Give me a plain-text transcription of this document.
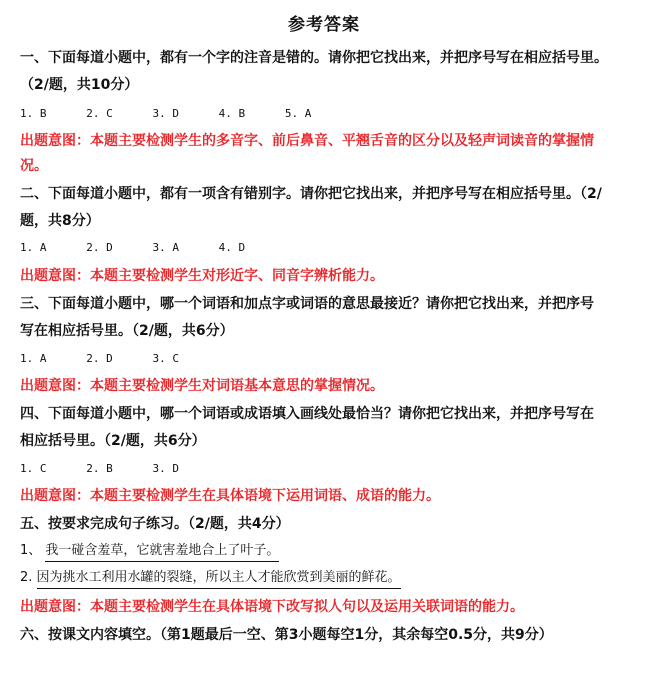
参考答案
一、下面每道小题中，都有一个字的注音是错的。请你把它找出来，并把序号写在相应括号里。
（2/题，共10分）
1. B      2. C      3. D      4. B      5. A
出题意图：本题主要检测学生的多音字、前后鼻音、平翘舌音的区分以及轻声词读音的掌握情
况。
二、下面每道小题中，都有一项含有错别字。请你把它找出来，并把序号写在相应括号里。（2/
题，共8分）
1. A      2. D      3. A      4. D
出题意图：本题主要检测学生对形近字、同音字辨析能力。
三、下面每道小题中，哪一个词语和加点字或词语的意思最接近？请你把它找出来，并把序号
写在相应括号里。（2/题，共6分）
1. A      2. D      3. C
出题意图：本题主要检测学生对词语基本意思的掌握情况。
四、下面每道小题中，哪一个词语或成语填入画线处最恰当？请你把它找出来，并把序号写在
相应括号里。（2/题，共6分）
1. C      2. B      3. D
出题意图：本题主要检测学生在具体语境下运用词语、成语的能力。
五、按要求完成句子练习。（2/题，共4分）
1、 我一碰含羞草，它就害羞地合上了叶子。
2. 因为挑水工利用水罐的裂缝，所以主人才能欣赏到美丽的鲜花。
出题意图：本题主要检测学生在具体语境下改写拟人句以及运用关联词语的能力。
六、按课文内容填空。（第1题最后一空、第3小题每空1分，其余每空0.5分，共9分）
